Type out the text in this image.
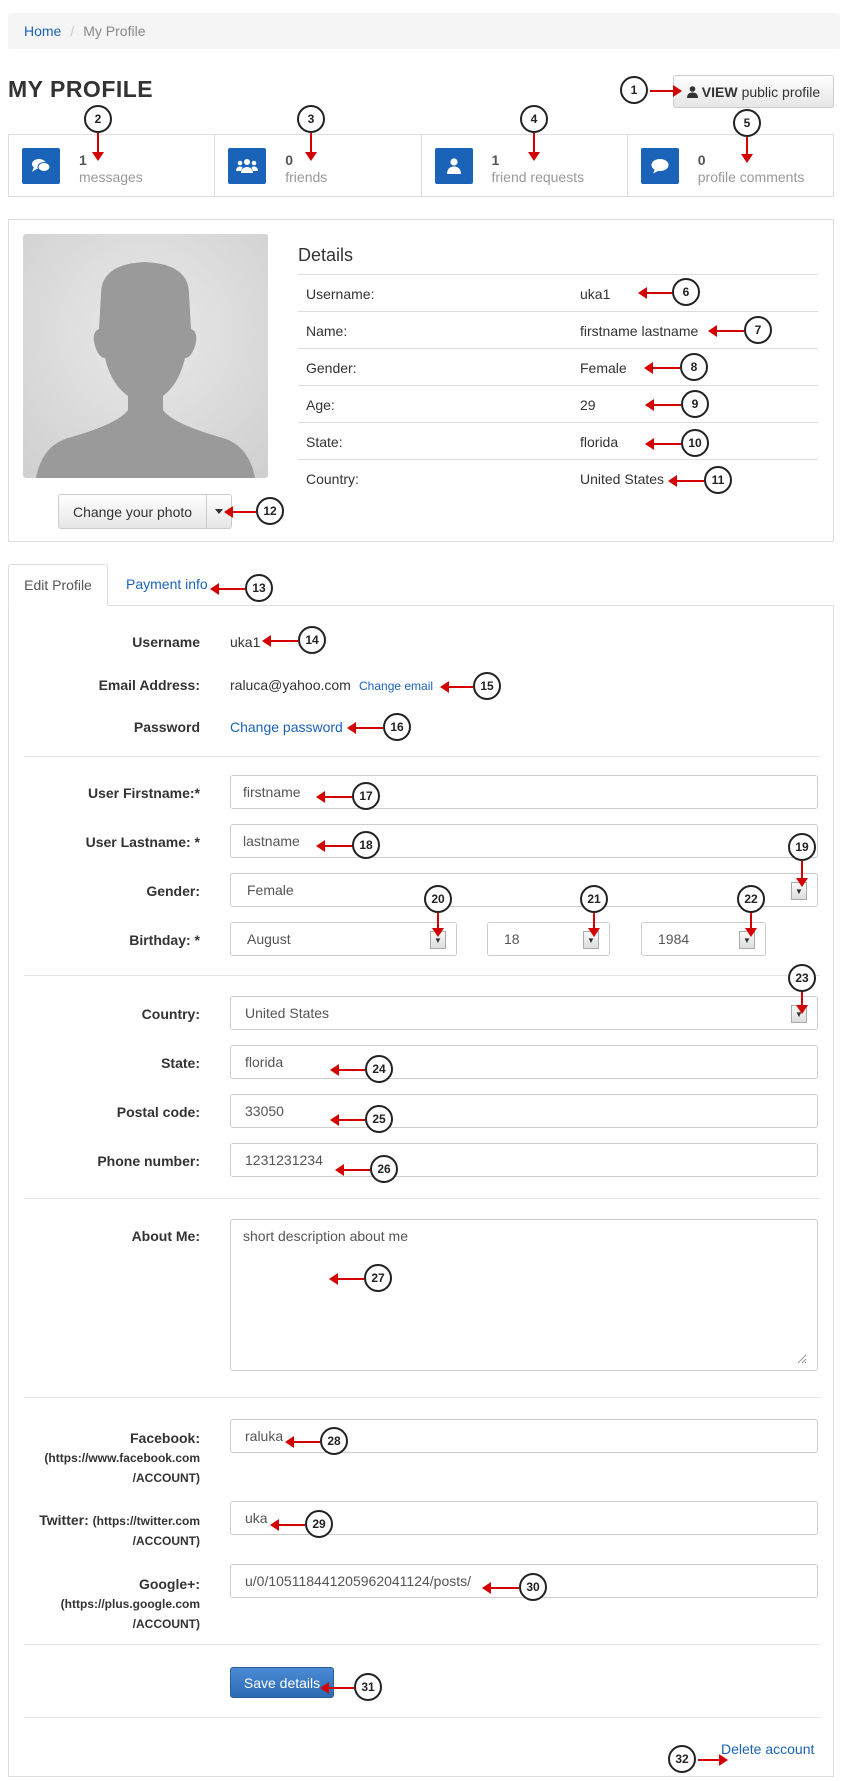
Home / My Profile
MY PROFILE	VIEW public profile
1
messages
0
friends
1
friend requests
0
profile comments
Change your photo
Details
Username:	uka1
Name:	firstname lastname
Gender:	Female
Age:	29
State:	florida
Country:	United States
Edit Profile	Payment info
Username uka1
Email Address: raluca@yahoo.com Change email
Password Change password
User Firstname:*	firstname
User Lastname: *	lastname
Gender:	Female	▼
Birthday: *	August	▼	18	▼	1984	▼
Country:	United States	▼
State:	florida
Postal code:	33050
Phone number:	1231231234
About Me:	short description about me
Facebook:
(https://www.facebook.com
/ACCOUNT)
raluka
Twitter: (https://twitter.com
/ACCOUNT)
uka
Google+:
(https://plus.google.com
/ACCOUNT)
u/0/105118441205962041124/posts/
Save details
Delete account
1
2	3	4	5
6
7
8
9
10
11
12
13
14
15
16
17
18	19
20	21	22
23
24
25
26
27
28
29
30
31
32
